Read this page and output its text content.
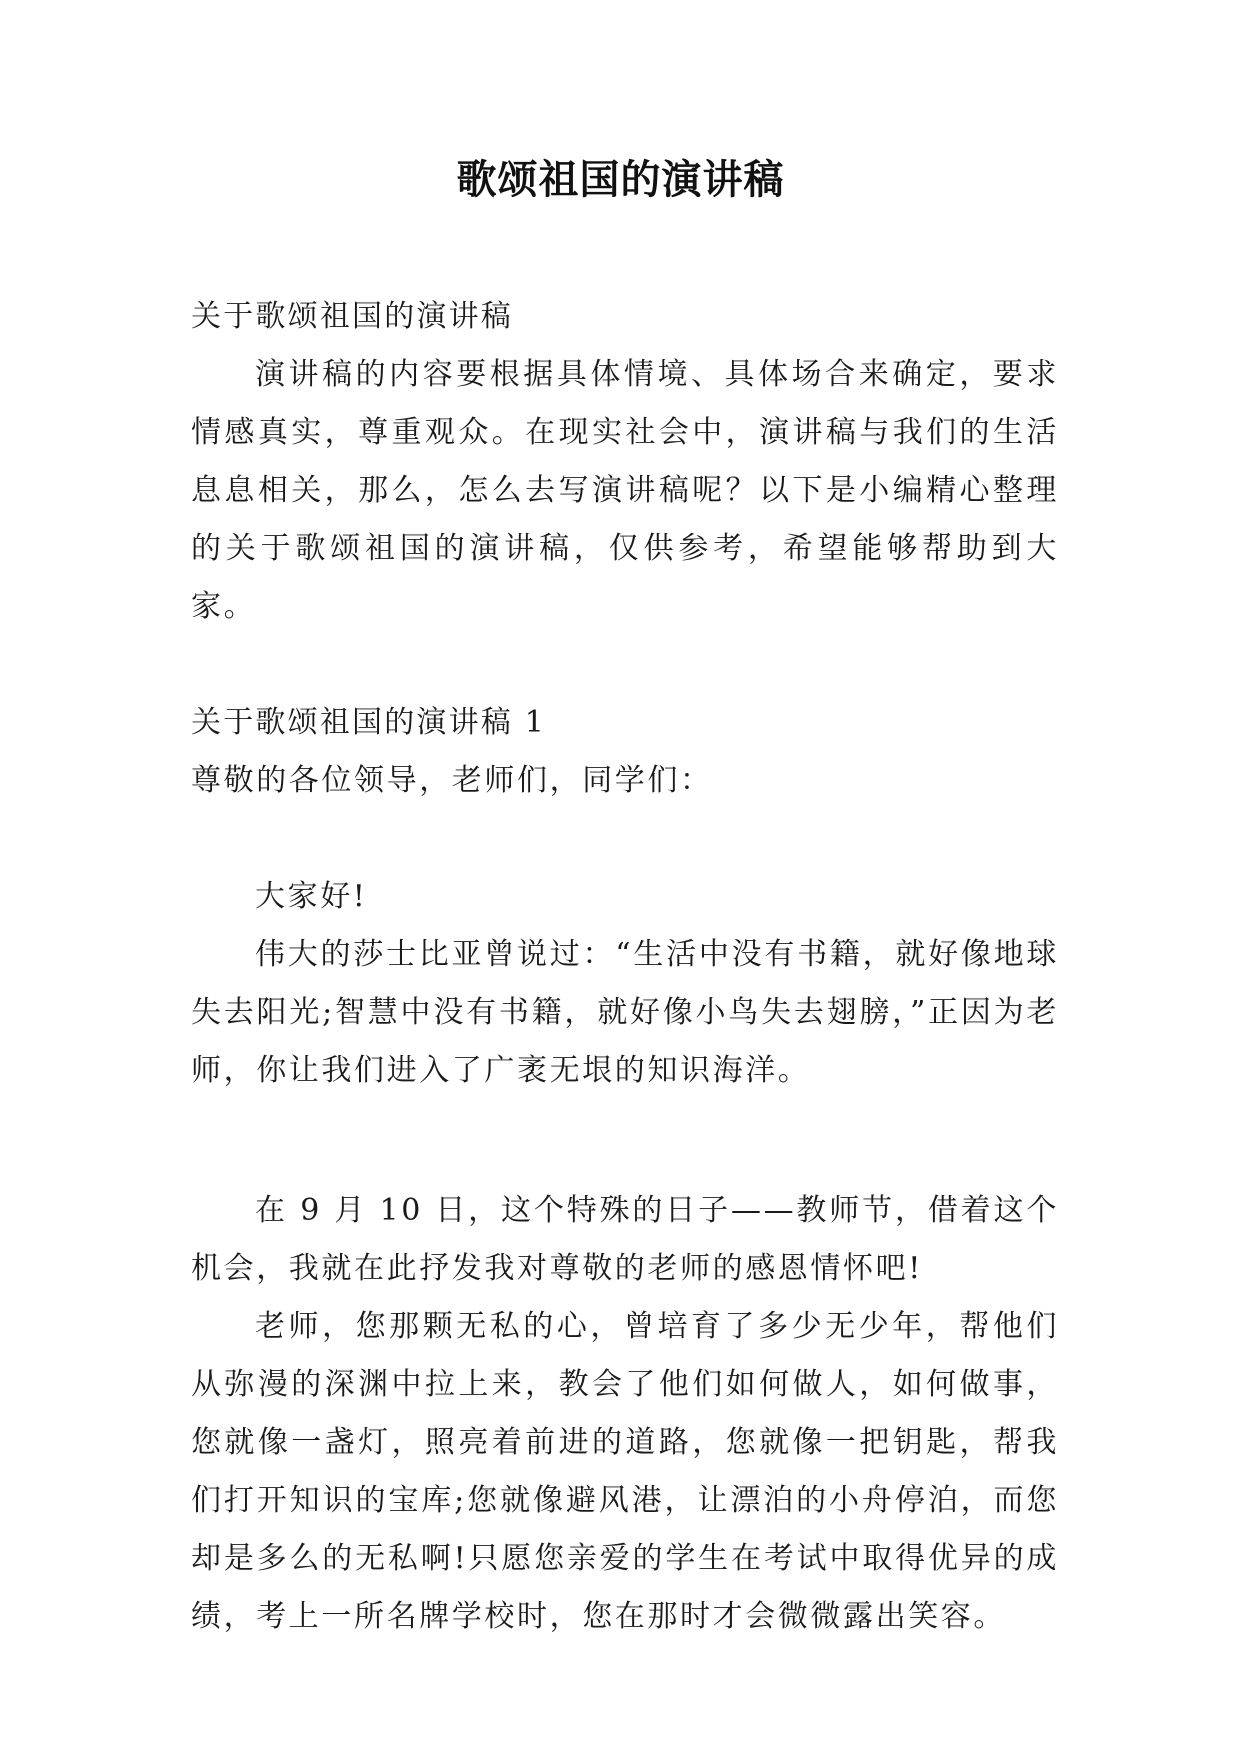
歌颂祖国的演讲稿

关于歌颂祖国的演讲稿

演讲稿的内容要根据具体情境、具体场合来确定，要求情感真实，尊重观众。在现实社会中，演讲稿与我们的生活息息相关，那么，怎么去写演讲稿呢？以下是小编精心整理的关于歌颂祖国的演讲稿，仅供参考，希望能够帮助到大家。

关于歌颂祖国的演讲稿 1

尊敬的各位领导，老师们，同学们：

大家好!

伟大的莎士比亚曾说过：“生活中没有书籍，就好像地球失去阳光;智慧中没有书籍，就好像小鸟失去翅膀，”正因为老师，你让我们进入了广袤无垠的知识海洋。

在 9 月 10 日，这个特殊的日子——教师节，借着这个机会，我就在此抒发我对尊敬的老师的感恩情怀吧!

老师，您那颗无私的心，曾培育了多少无少年，帮他们从弥漫的深渊中拉上来，教会了他们如何做人，如何做事，您就像一盏灯，照亮着前进的道路，您就像一把钥匙，帮我们打开知识的宝库;您就像避风港，让漂泊的小舟停泊，而您却是多么的无私啊!只愿您亲爱的学生在考试中取得优异的成绩，考上一所名牌学校时，您在那时才会微微露出笑容。
